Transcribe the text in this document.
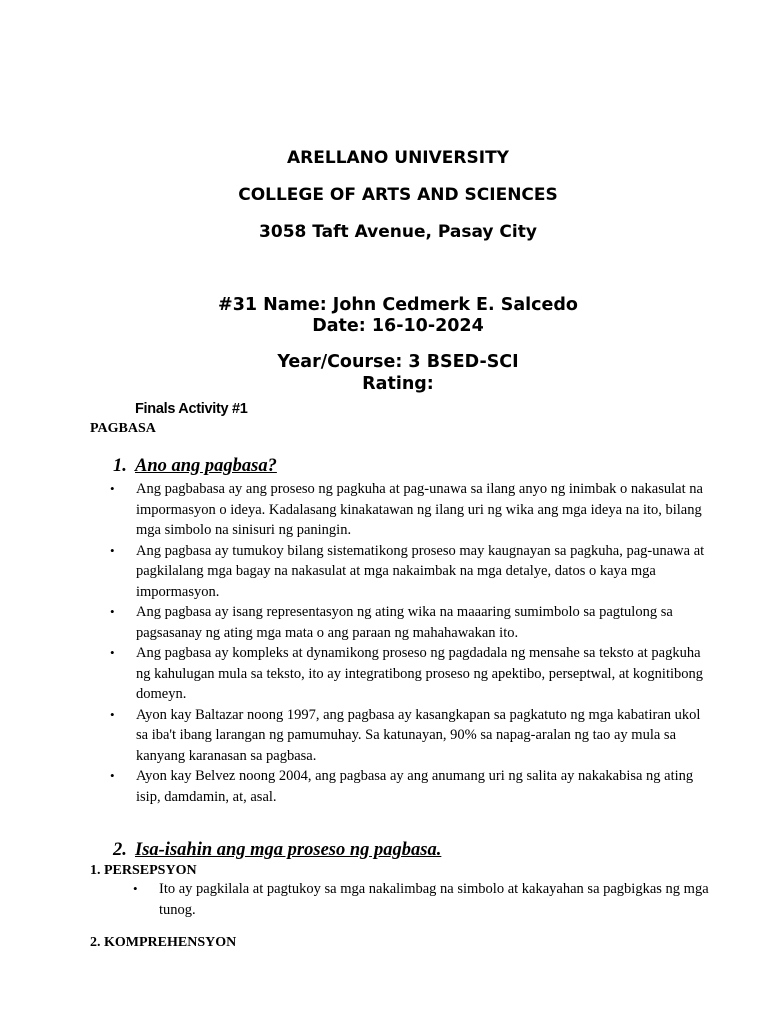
ARELLANO UNIVERSITY
COLLEGE OF ARTS AND SCIENCES
3058 Taft Avenue, Pasay City
#31 Name: John Cedmerk E. Salcedo
Date: 16-10-2024
Year/Course: 3 BSED-SCI
Rating:
Finals Activity #1
PAGBASA
1. Ano ang pagbasa?
• Ang pagbabasa ay ang proseso ng pagkuha at pag-unawa sa ilang anyo ng inimbak o nakasulat na impormasyon o ideya. Kadalasang kinakatawan ng ilang uri ng wika ang mga ideya na ito, bilang mga simbolo na sinisuri ng paningin.
• Ang pagbasa ay tumukoy bilang sistematikong proseso may kaugnayan sa pagkuha, pag-unawa at pagkilalang mga bagay na nakasulat at mga nakaimbak na mga detalye, datos o kaya mga impormasyon.
• Ang pagbasa ay isang representasyon ng ating wika na maaaring sumimbolo sa pagtulong sa pagsasanay ng ating mga mata o ang paraan ng mahahawakan ito.
• Ang pagbasa ay kompleks at dynamikong proseso ng pagdadala ng mensahe sa teksto at pagkuha ng kahulugan mula sa teksto, ito ay integratibong proseso ng apektibo, perseptwal, at kognitibong domeyn.
• Ayon kay Baltazar noong 1997, ang pagbasa ay kasangkapan sa pagkatuto ng mga kabatiran ukol sa iba't ibang larangan ng pamumuhay. Sa katunayan, 90% sa napag-aralan ng tao ay mula sa kanyang karanasan sa pagbasa.
• Ayon kay Belvez noong 2004, ang pagbasa ay ang anumang uri ng salita ay nakakabisa ng ating isip, damdamin, at, asal.
2. Isa-isahin ang mga proseso ng pagbasa.
1. PERSEPSYON
• Ito ay pagkilala at pagtukoy sa mga nakalimbag na simbolo at kakayahan sa pagbigkas ng mga tunog.
2. KOMPREHENSYON
